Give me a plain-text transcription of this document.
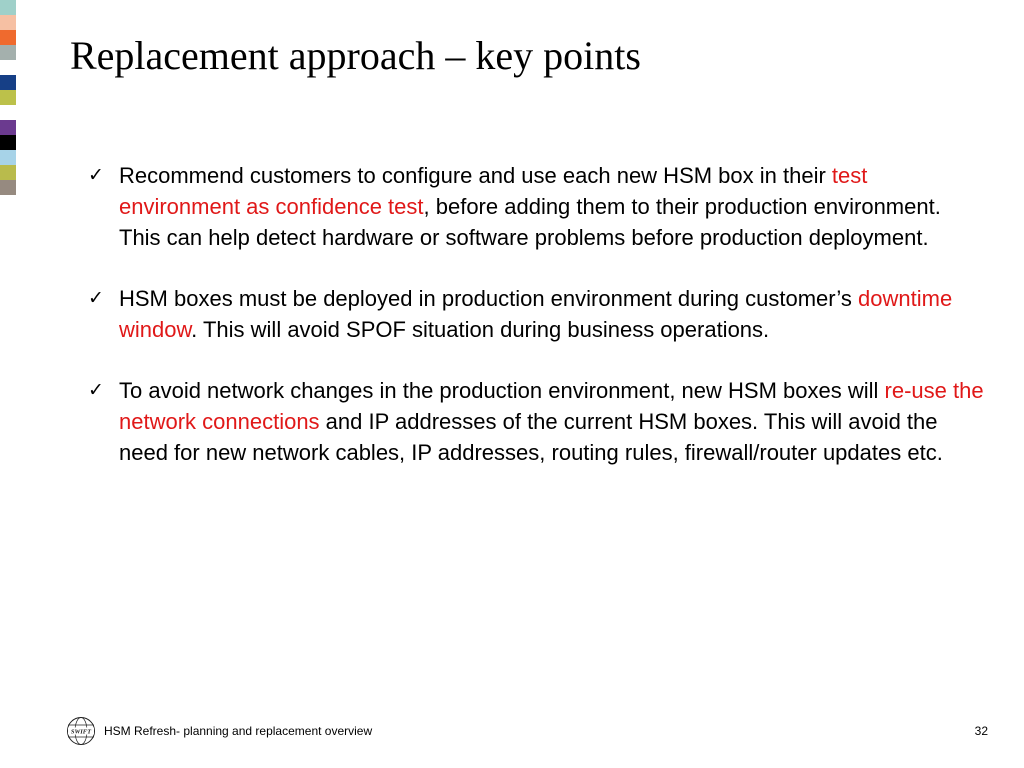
Replacement approach – key points
✓ Recommend customers to configure and use each new HSM box in their test environment as confidence test, before adding them to their production environment. This can help detect hardware or software problems before production deployment.
✓ HSM boxes must be deployed in production environment during customer’s downtime window. This will avoid SPOF situation during business operations.
✓ To avoid network changes in the production environment, new HSM boxes will re-use the network connections and IP addresses of the current HSM boxes. This will avoid the need for new network cables, IP addresses, routing rules, firewall/router updates etc.
SWIFT HSM Refresh- planning and replacement overview	32
